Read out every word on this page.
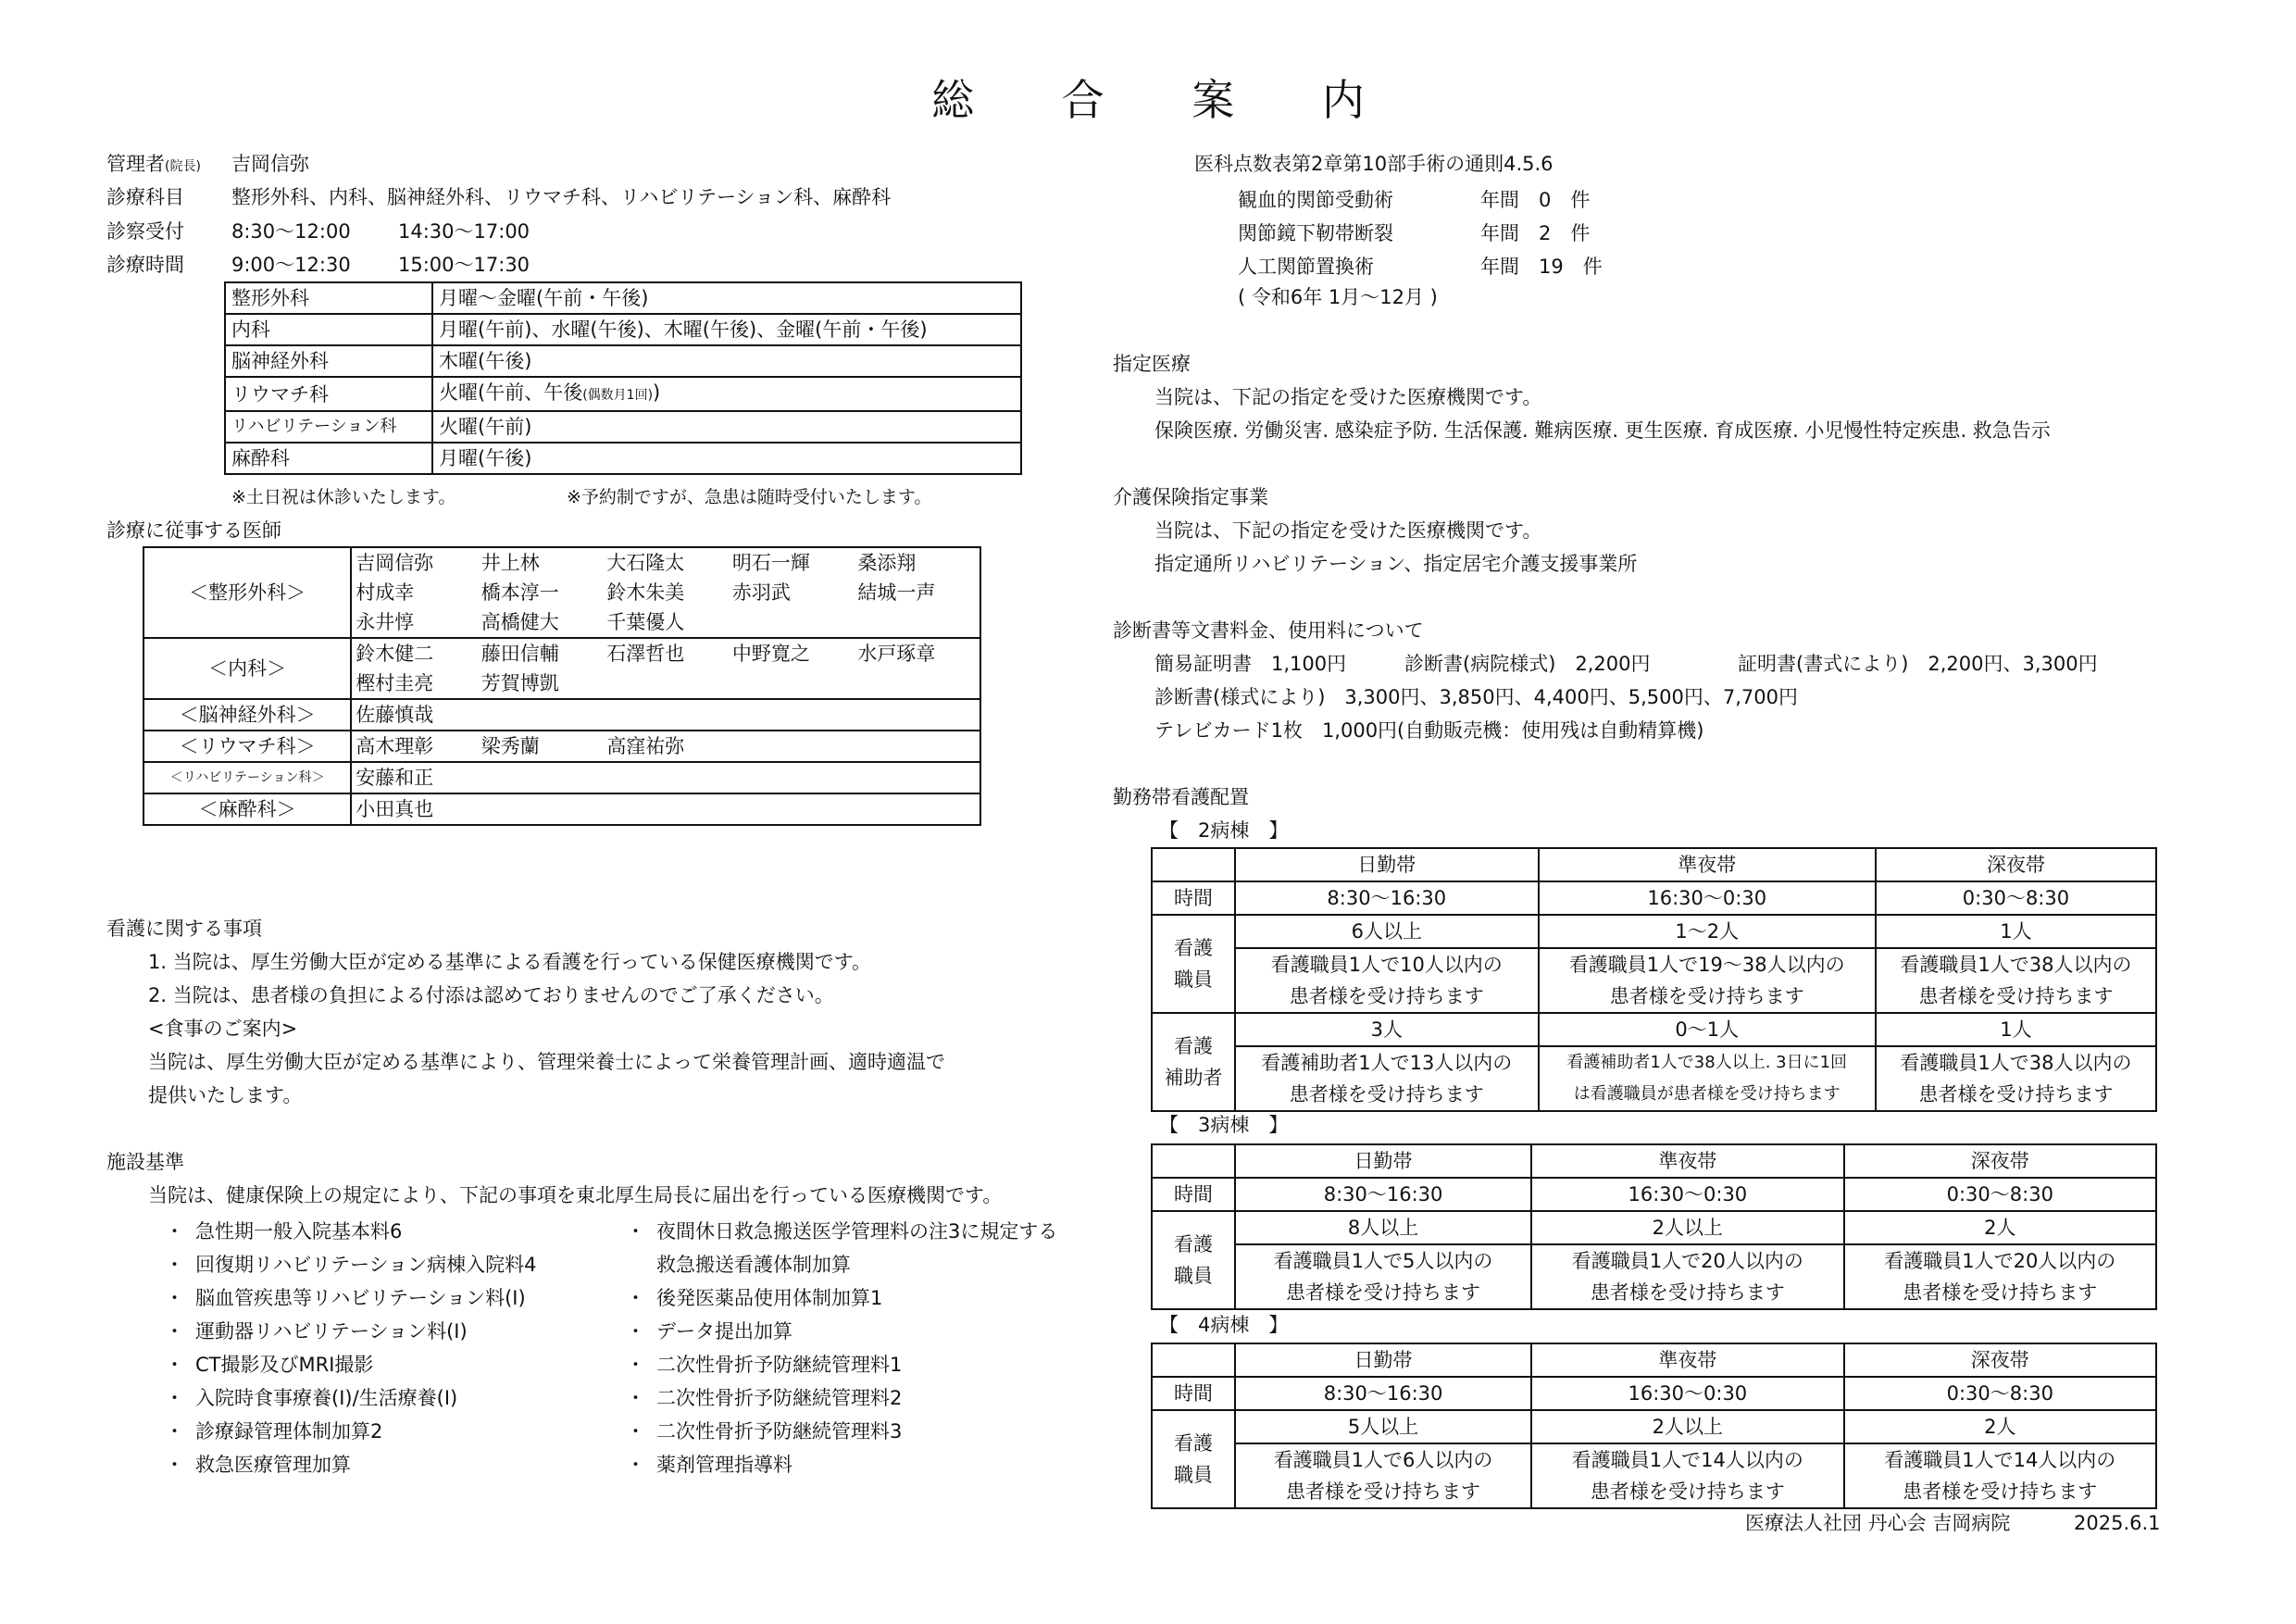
総 合 案 内
管理者(院長) 吉岡信弥
診療科目 整形外科、内科、脳神経外科、リウマチ科、リハビリテーション科、麻酔科
診察受付 8:30～12:00 14:30～17:00
診療時間 9:00～12:30 15:00～17:30
整形外科	月曜～金曜(午前・午後)
内科	月曜(午前)、水曜(午後)、木曜(午後)、金曜(午前・午後)
脳神経外科	木曜(午後)
リウマチ科	火曜(午前、午後(偶数月1回))
リハビリテーション科	火曜(午前)
麻酔科	月曜(午後)
※土日祝は休診いたします。	※予約制ですが、急患は随時受付いたします。
診療に従事する医師
＜整形外科＞	吉岡信弥	井上林	大石隆太	明石一輝	桑添翔
	村成幸	橋本淳一	鈴木朱美	赤羽武	結城一声
	永井惇	高橋健大	千葉優人		
＜内科＞	鈴木健二	藤田信輔	石澤哲也	中野寛之	水戸琢章
	樫村圭亮	芳賀博凱			
＜脳神経外科＞	佐藤慎哉				
＜リウマチ科＞	高木理彰	梁秀蘭	高窪祐弥		
＜リハビリテーション科＞	安藤和正				
＜麻酔科＞	小田真也				
看護に関する事項
1. 当院は、厚生労働大臣が定める基準による看護を行っている保健医療機関です。
2. 当院は、患者様の負担による付添は認めておりませんのでご了承ください。
<食事のご案内>
当院は、厚生労働大臣が定める基準により、管理栄養士によって栄養管理計画、適時適温で
提供いたします。
施設基準
当院は、健康保険上の規定により、下記の事項を東北厚生局長に届出を行っている医療機関です。
・ 急性期一般入院基本料6
・ 回復期リハビリテーション病棟入院料4
・ 脳血管疾患等リハビリテーション料(Ⅰ)
・ 運動器リハビリテーション料(Ⅰ)
・ CT撮影及びMRI撮影
・ 入院時食事療養(Ⅰ)/生活療養(Ⅰ)
・ 診療録管理体制加算2
・ 救急医療管理加算
・ 夜間休日救急搬送医学管理料の注3に規定する
救急搬送看護体制加算
・ 後発医薬品使用体制加算1
・ データ提出加算
・ 二次性骨折予防継続管理料1
・ 二次性骨折予防継続管理料2
・ 二次性骨折予防継続管理料3
・ 薬剤管理指導料
医科点数表第2章第10部手術の通則4.5.6
観血的関節受動術	年間　0　件
関節鏡下靭帯断裂	年間　2　件
人工関節置換術	年間　19　件
( 令和6年 1月～12月 )
指定医療
当院は、下記の指定を受けた医療機関です。
保険医療. 労働災害. 感染症予防. 生活保護. 難病医療. 更生医療. 育成医療. 小児慢性特定疾患. 救急告示
介護保険指定事業
当院は、下記の指定を受けた医療機関です。
指定通所リハビリテーション、指定居宅介護支援事業所
診断書等文書料金、使用料について
簡易証明書　1,100円	診断書(病院様式)　2,200円	証明書(書式により)　2,200円、3,300円
診断書(様式により)　3,300円、3,850円、4,400円、5,500円、7,700円
テレビカード1枚　1,000円(自動販売機：使用残は自動精算機)
勤務帯看護配置
【　2病棟　】
	日勤帯	準夜帯	深夜帯
時間	8:30～16:30	16:30～0:30	0:30～8:30

看護
職員	6人以上	1～2人	1人
	看護職員1人で10人以内の	看護職員1人で19～38人以内の	看護職員1人で38人以内の
	患者様を受け持ちます	患者様を受け持ちます	患者様を受け持ちます

看護
補助者	3人	0～1人	1人
	看護補助者1人で13人以内の	看護補助者1人で38人以上. 3日に1回	看護職員1人で38人以内の
	患者様を受け持ちます	は看護職員が患者様を受け持ちます	患者様を受け持ちます
【　3病棟　】
	日勤帯	準夜帯	深夜帯
時間	8:30～16:30	16:30～0:30	0:30～8:30

看護
職員	8人以上	2人以上	2人
	看護職員1人で5人以内の	看護職員1人で20人以内の	看護職員1人で20人以内の
	患者様を受け持ちます	患者様を受け持ちます	患者様を受け持ちます
【　4病棟　】
	日勤帯	準夜帯	深夜帯
時間	8:30～16:30	16:30～0:30	0:30～8:30

看護
職員	5人以上	2人以上	2人
	看護職員1人で6人以内の	看護職員1人で14人以内の	看護職員1人で14人以内の
	患者様を受け持ちます	患者様を受け持ちます	患者様を受け持ちます
医療法人社団 丹心会 吉岡病院	2025.6.1
